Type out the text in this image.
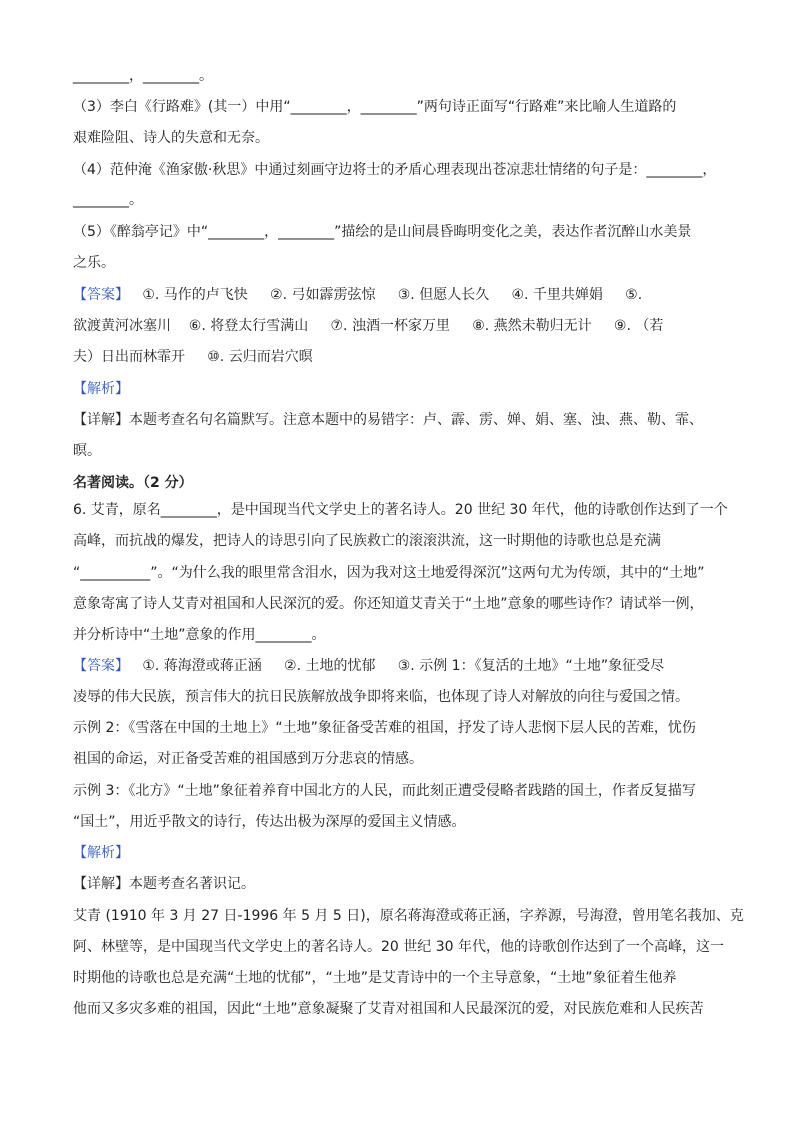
________，________。
（3）李白《行路难》(其一）中用“________，________”两句诗正面写“行路难”来比喻人生道路的
艰难险阻、诗人的失意和无奈。
（4）范仲淹《渔家傲·秋思》中通过刻画守边将士的矛盾心理表现出苍凉悲壮情绪的句子是：________，
________。
（5）《醉翁亭记》中“________，________”描绘的是山间晨昏晦明变化之美，表达作者沉醉山水美景
之乐。
【答案】   ①. 马作的卢飞快     ②. 弓如霹雳弦惊     ③. 但愿人长久     ④. 千里共婵娟     ⑤.
欲渡黄河冰塞川    ⑥. 将登太行雪满山     ⑦. 浊酒一杯家万里     ⑧. 燕然未勒归无计     ⑨. （若
夫）日出而林霏开     ⑩. 云归而岩穴暝
【解析】
【详解】本题考查名句名篇默写。注意本题中的易错字：卢、霹、雳、婵、娟、塞、浊、燕、勒、霏、
暝。
名著阅读。（2 分）
6. 艾青，原名________，是中国现当代文学史上的著名诗人。20 世纪 30 年代，他的诗歌创作达到了一个
高峰，而抗战的爆发，把诗人的诗思引向了民族救亡的滚滚洪流，这一时期他的诗歌也总是充满
“__________”。“为什么我的眼里常含泪水，因为我对这土地爱得深沉”这两句尤为传颂，其中的“土地”
意象寄寓了诗人艾青对祖国和人民深沉的爱。你还知道艾青关于“土地”意象的哪些诗作？请试举一例，
并分析诗中“土地”意象的作用________。
【答案】   ①. 蒋海澄或蒋正涵     ②. 土地的忧郁     ③. 示例 1：《复活的土地》“土地”象征受尽
凌辱的伟大民族，预言伟大的抗日民族解放战争即将来临，也体现了诗人对解放的向往与爱国之情。
示例 2：《雪落在中国的土地上》“土地”象征备受苦难的祖国，抒发了诗人悲悯下层人民的苦难，忧伤
祖国的命运，对正备受苦难的祖国感到万分悲哀的情感。
示例 3：《北方》“土地”象征着养育中国北方的人民，而此刻正遭受侵略者践踏的国土，作者反复描写
“国土”，用近乎散文的诗行，传达出极为深厚的爱国主义情感。
【解析】
【详解】本题考查名著识记。
艾青 (1910 年 3 月 27 日-1996 年 5 月 5 日)，原名蒋海澄或蒋正涵，字养源，号海澄，曾用笔名莪加、克
阿、林壁等，是中国现当代文学史上的著名诗人。20 世纪 30 年代，他的诗歌创作达到了一个高峰，这一
时期他的诗歌也总是充满“土地的忧郁”，“土地”是艾青诗中的一个主导意象，“土地”象征着生他养
他而又多灾多难的祖国，因此“土地”意象凝聚了艾青对祖国和人民最深沉的爱，对民族危难和人民疾苦
